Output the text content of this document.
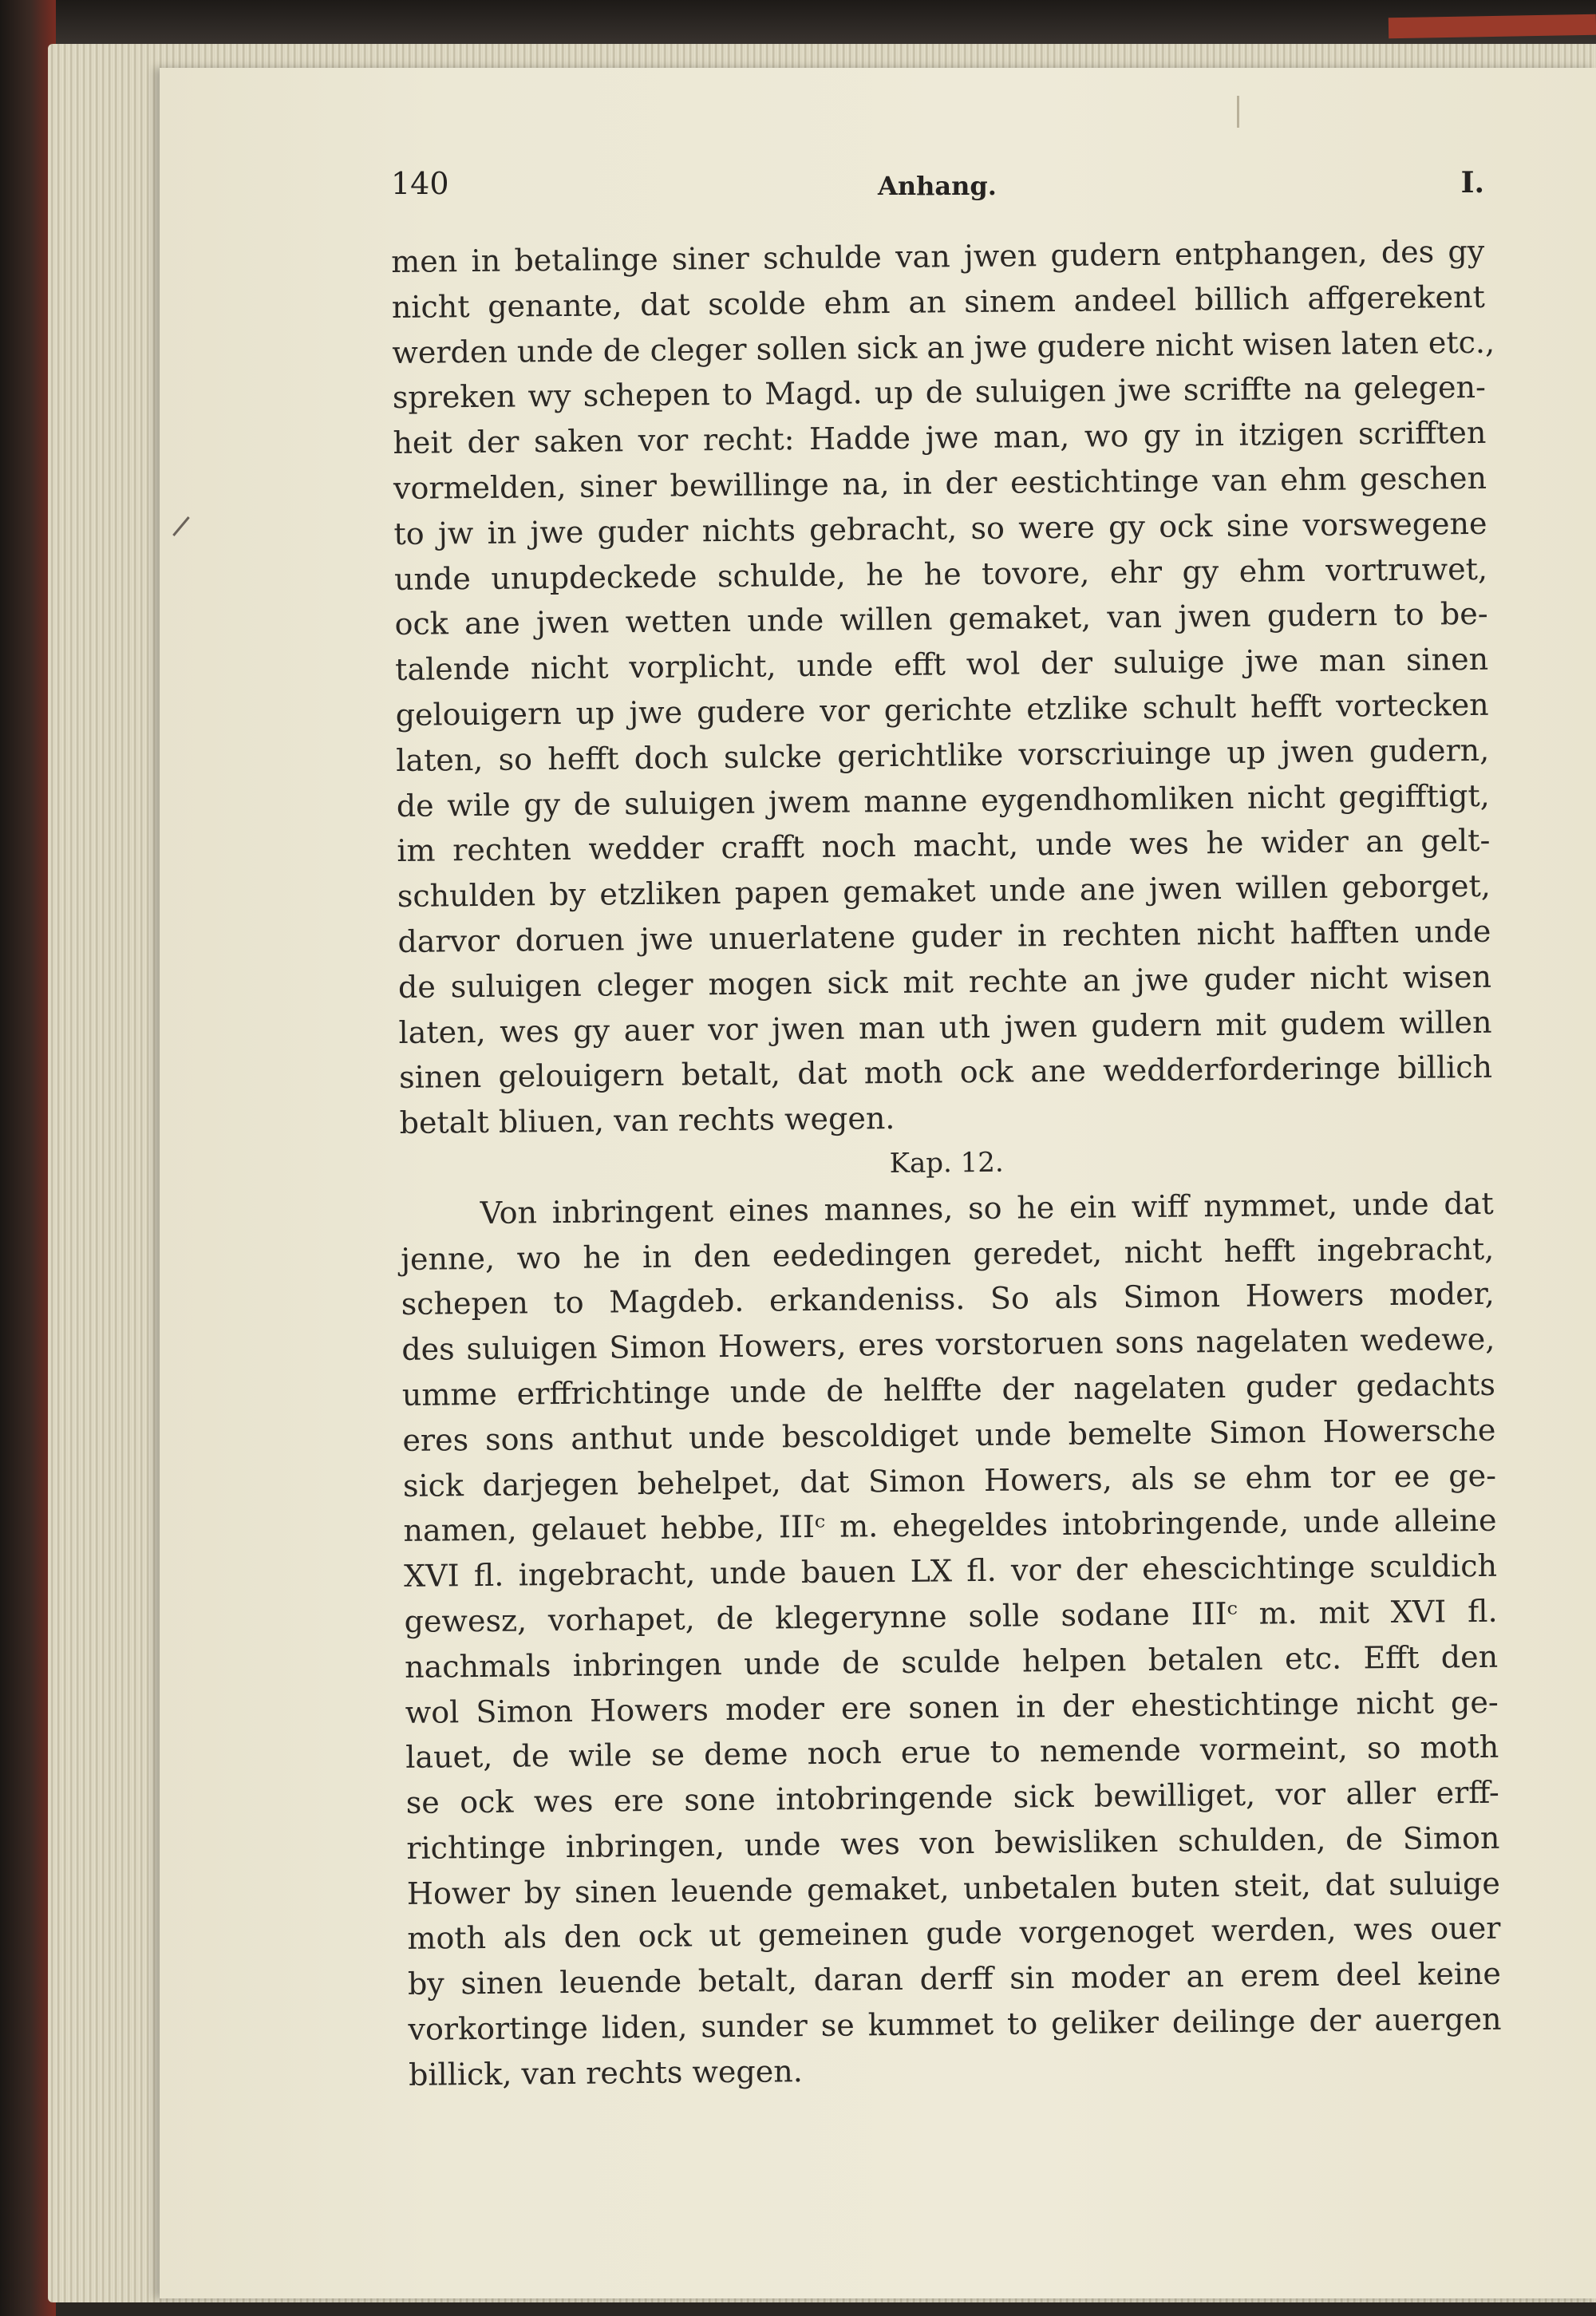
140	Anhang.	I.
men in betalinge siner schulde van jwen gudern entphangen, des gy
nicht genante, dat scolde ehm an sinem andeel billich affgerekent
werden unde de cleger sollen sick an jwe gudere nicht wisen laten etc.,
spreken wy schepen to Magd. up de suluigen jwe scriffte na gelegen-
heit der saken vor recht: Hadde jwe man, wo gy in itzigen scrifften
vormelden, siner bewillinge na, in der eestichtinge van ehm geschen
to jw in jwe guder nichts gebracht, so were gy ock sine vorswegene
unde unupdeckede schulde, he he tovore, ehr gy ehm vortruwet,
ock ane jwen wetten unde willen gemaket, van jwen gudern to be-
talende nicht vorplicht, unde efft wol der suluige jwe man sinen
gelouigern up jwe gudere vor gerichte etzlike schult hefft vortecken
laten, so hefft doch sulcke gerichtlike vorscriuinge up jwen gudern,
de wile gy de suluigen jwem manne eygendhomliken nicht gegifftigt,
im rechten wedder crafft noch macht, unde wes he wider an gelt-
schulden by etzliken papen gemaket unde ane jwen willen geborget,
darvor doruen jwe unuerlatene guder in rechten nicht hafften unde
de suluigen cleger mogen sick mit rechte an jwe guder nicht wisen
laten, wes gy auer vor jwen man uth jwen gudern mit gudem willen
sinen gelouigern betalt, dat moth ock ane wedderforderinge billich
betalt bliuen, van rechts wegen.
Kap. 12.
Von inbringent eines mannes, so he ein wiff nymmet, unde dat
jenne, wo he in den eededingen geredet, nicht hefft ingebracht,
schepen to Magdeb. erkandeniss. So als Simon Howers moder,
des suluigen Simon Howers, eres vorstoruen sons nagelaten wedewe,
umme erffrichtinge unde de helffte der nagelaten guder gedachts
eres sons anthut unde bescoldiget unde bemelte Simon Howersche
sick darjegen behelpet, dat Simon Howers, als se ehm tor ee ge-
namen, gelauet hebbe, IIIᶜ m. ehegeldes intobringende, unde alleine
XVI fl. ingebracht, unde bauen LX fl. vor der ehescichtinge sculdich
gewesz, vorhapet, de klegerynne solle sodane IIIᶜ m. mit XVI fl.
nachmals inbringen unde de sculde helpen betalen etc. Efft den
wol Simon Howers moder ere sonen in der ehestichtinge nicht ge-
lauet, de wile se deme noch erue to nemende vormeint, so moth
se ock wes ere sone intobringende sick bewilliget, vor aller erff-
richtinge inbringen, unde wes von bewisliken schulden, de Simon
Hower by sinen leuende gemaket, unbetalen buten steit, dat suluige
moth als den ock ut gemeinen gude vorgenoget werden, wes ouer
by sinen leuende betalt, daran derff sin moder an erem deel keine
vorkortinge liden, sunder se kummet to geliker deilinge der auergen
billick, van rechts wegen.
